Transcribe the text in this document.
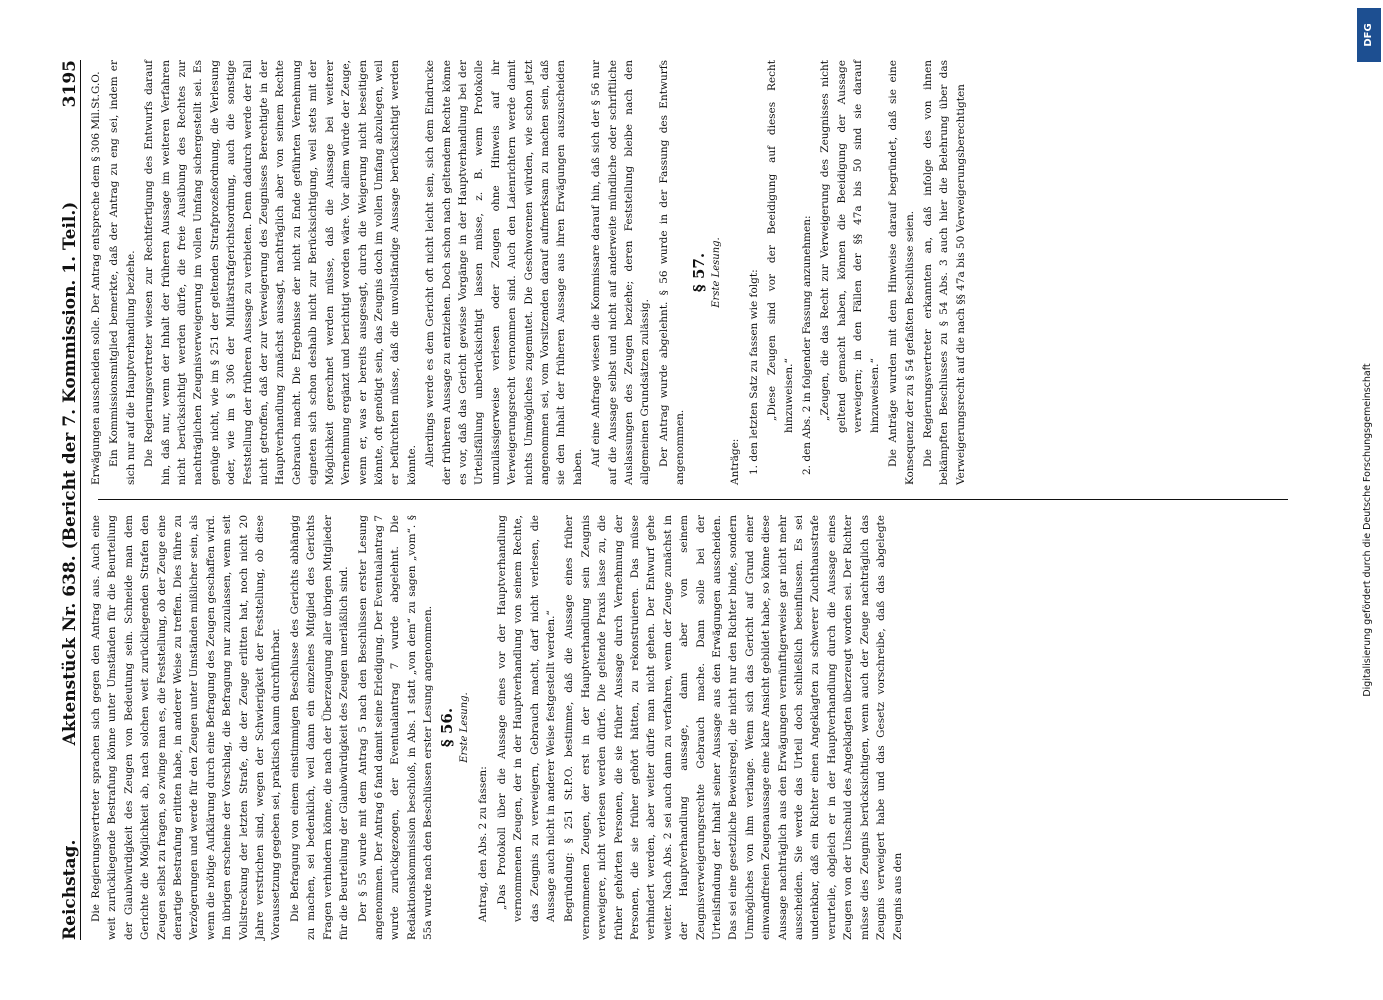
Reichstag.
Aktenstück Nr. 638. (Bericht der 7. Kommission. 1. Teil.)
3195

Die Regierungsvertreter sprachen sich gegen den Antrag aus. Auch eine weit zurückliegende Bestrafung könne unter Umständen für die Beurteilung der Glaubwürdigkeit des Zeugen von Bedeutung sein. Schneide man dem Gerichte die Möglichkeit ab, nach solchen weit zurückliegenden Strafen den Zeugen selbst zu fragen, so zwinge man es, die Feststellung, ob der Zeuge eine derartige Bestrafung erlitten habe, in anderer Weise zu treffen. Dies führe zu Verzögerungen und werde für den Zeugen unter Umständen mißlicher sein, als wenn die nötige Aufklärung durch eine Befragung des Zeugen geschaffen wird. Im übrigen erscheine der Vorschlag, die Befragung nur zuzulassen, wenn seit Vollstreckung der letzten Strafe, die der Zeuge erlitten hat, noch nicht 20 Jahre verstrichen sind, wegen der Schwierigkeit der Feststellung, ob diese Voraussetzung gegeben sei, praktisch kaum durchführbar. Die Befragung von einem einstimmigen Beschlusse des Gerichts abhängig zu machen, sei bedenklich, weil dann ein einzelnes Mitglied des Gerichts Fragen verhindern könne, die nach der Überzeugung aller übrigen Mitglieder für die Beurteilung der Glaubwürdigkeit des Zeugen unerläßlich sind. Der § 55 wurde mit dem Antrag 5 nach den Beschlüssen erster Lesung angenommen. Der Antrag 6 fand damit seine Erledigung. Der Eventualantrag 7 wurde zurückgezogen, der Eventualantrag 7 wurde abgelehnt. Die Redaktionskommission beschloß, in Abs. 1 statt „von dem“ zu sagen „vom“. § 55a wurde nach den Beschlüssen erster Lesung angenommen. § 56. Erste Lesung.

Antrag, den Abs. 2 zu fassen: „Das Protokoll über die Aussage eines vor der Hauptverhandlung vernommenen Zeugen, der in der Hauptverhandlung von seinem Rechte, das Zeugnis zu verweigern, Gebrauch macht, darf nicht verlesen, die Aussage auch nicht in anderer Weise festgestellt werden.“ Begründung: § 251 St.P.O. bestimme, daß die Aussage eines früher vernommenen Zeugen, der erst in der Hauptverhandlung sein Zeugnis verweigere, nicht verlesen werden dürfe. Die geltende Praxis lasse zu, die früher gehörten Personen, die sie früher Aussage durch Vernehmung der Personen, die sie früher gehört hätten, zu rekonstruieren. Das müsse verhindert werden, aber weiter dürfe man nicht gehen. Der Entwurf gehe weiter. Nach Abs. 2 sei auch dann zu verfahren, wenn der Zeuge zunächst in der Hauptverhandlung aussage, dann aber von seinem Zeugnisverweigerungsrechte Gebrauch mache. Dann solle bei der Urteilsfindung der Inhalt seiner Aussage aus den Erwägungen ausscheiden. Das sei eine gesetzliche Beweisregel, die nicht nur den Richter binde, sondern Unmögliches von ihm verlange. Wenn sich das Gericht auf Grund einer einwandfreien Zeugenaussage eine klare Ansicht gebildet habe, so könne diese Aussage nachträglich aus den Erwägungen vernünftigerweise gar nicht mehr ausscheiden. Sie werde das Urteil doch schließlich beeinflussen. Es sei undenkbar, daß ein Richter einen Angeklagten zu schwerer Zuchthausstrafe verurteile, obgleich er in der Hauptverhandlung durch die Aussage eines Zeugen von der Unschuld des Angeklagten überzeugt worden sei. Der Richter müsse dies Zeugnis berücksichtigen, wenn auch der Zeuge nachträglich das Zeugnis verweigert habe und das Gesetz vorschreibe, daß das abgelegte Zeugnis aus den

Erwägungen ausscheiden solle. Der Antrag entspreche dem § 306 Mil.St.G.O. Ein Kommissionsmitglied bemerkte, daß der Antrag zu eng sei, indem er sich nur auf die Hauptverhandlung beziehe. Die Regierungsvertreter wiesen zur Rechtfertigung des Entwurfs darauf hin, daß nur, wenn der Inhalt der früheren Aussage im weiteren Verfahren nicht berücksichtigt werden dürfe, die freie Ausübung des Rechtes zur nachträglichen Zeugnisverweigerung im vollen Umfang sichergestellt sei. Es genüge nicht, wie im § 251 der geltenden Strafprozeßordnung, die Verlesung oder, wie im § 306 der Militärstrafgerichtsordnung, auch die sonstige Feststellung der früheren Aussage zu verbieten. Denn dadurch werde der Fall nicht getroffen, daß der zur Verweigerung des Zeugnisses Berechtigte in der Hauptverhandlung zunächst aussagt, nachträglich aber von seinem Rechte Gebrauch macht. Die Ergebnisse der nicht zu Ende geführten Vernehmung eigneten sich schon deshalb nicht zur Berücksichtigung, weil stets mit der Möglichkeit gerechnet werden müsse, daß die Aussage bei weiterer Vernehmung ergänzt und berichtigt worden wäre. Vor allem würde der Zeuge, wenn er, was er bereits ausgesagt, durch die Weigerung nicht beseitigen könnte, oft genötigt sein, das Zeugnis doch im vollen Umfang abzulegen, weil er befürchten müsse, daß die unvollständige Aussage berücksichtigt werden könnte. Allerdings werde es dem Gericht oft nicht leicht sein, sich dem Eindrucke der früheren Aussage zu entziehen. Doch schon nach geltendem Rechte könne es vor, daß das Gericht gewisse Vorgänge in der Hauptverhandlung bei der Urteilsfällung unberücksichtigt lassen müsse, z. B. wenn Protokolle unzulässigerweise verlesen oder Zeugen ohne Hinweis auf ihr Verweigerungsrecht vernommen sind. Auch den Laienrichtern werde damit nichts Unmögliches zugemutet. Die Geschworenen würden, wie schon jetzt angenommen sei, vom Vorsitzenden darauf aufmerksam zu machen sein, daß sie den Inhalt der früheren Aussage aus ihren Erwägungen auszuscheiden haben. Auf eine Anfrage wiesen die Kommissare darauf hin, daß sich der § 56 nur auf die Aussage selbst und nicht auf anderweite mündliche oder schriftliche Auslassungen des Zeugen beziehe; deren Feststellung bleibe nach den allgemeinen Grundsätzen zulässig. Der Antrag wurde abgelehnt. § 56 wurde in der Fassung des Entwurfs angenommen.

§ 57. Erste Lesung.

Anträge: 1. den letzten Satz zu fassen wie folgt: „Diese Zeugen sind vor der Beeidigung auf dieses Recht hinzuweisen.“ 2. den Abs. 2 in folgender Fassung anzunehmen: „Zeugen, die das Recht zur Verweigerung des Zeugnisses nicht geltend gemacht haben, können die Beeidigung der Aussage verweigern; in den Fällen der §§ 47a bis 50 sind sie darauf hinzuweisen.“ Die Anträge wurden mit dem Hinweise darauf begründet, daß sie eine Konsequenz der zu § 54 gefaßten Beschlüsse seien. Die Regierungsvertreter erkannten an, daß infolge des von ihnen bekämpften Beschlusses zu § 54 Abs. 3 auch hier die Belehrung über das Verweigerungsrecht auf die nach §§ 47a bis 50 Verweigerungsberechtigten

DFG
Digitalisierung gefördert durch die Deutsche Forschungsgemeinschaft
